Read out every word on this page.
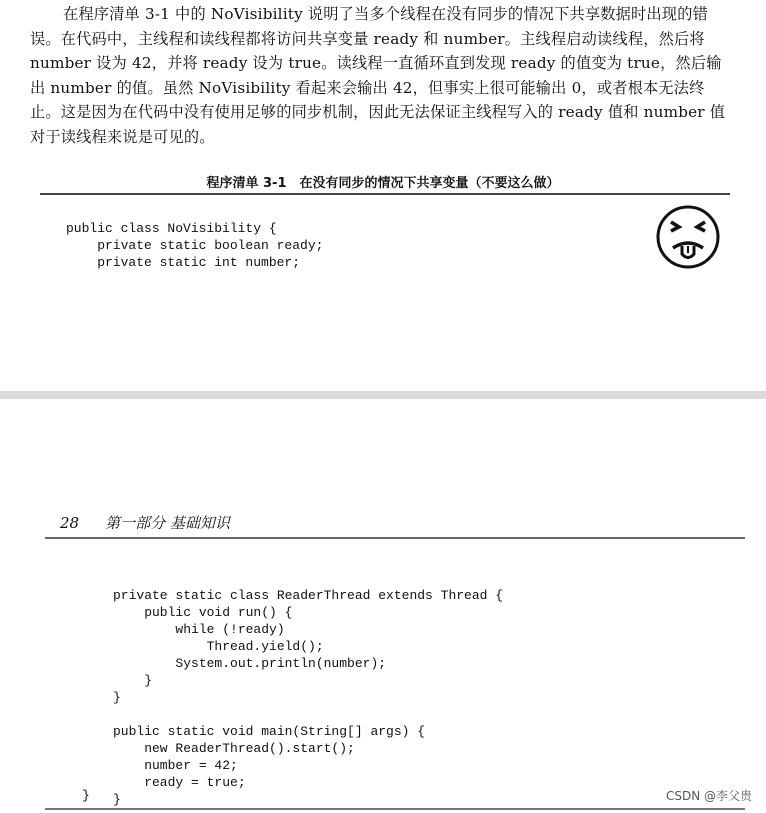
在程序清单 3-1 中的 NoVisibility 说明了当多个线程在没有同步的情况下共享数据时出现的错误。在代码中，主线程和读线程都将访问共享变量 ready 和 number。主线程启动读线程，然后将 number 设为 42，并将 ready 设为 true。读线程一直循环直到发现 ready 的值变为 true，然后输出 number 的值。虽然 NoVisibility 看起来会输出 42，但事实上很可能输出 0，或者根本无法终止。这是因为在代码中没有使用足够的同步机制，因此无法保证主线程写入的 ready 值和 number 值对于读线程来说是可见的。

程序清单 3-1　在没有同步的情况下共享变量（不要这么做）

public class NoVisibility {
private static boolean ready;
private static int number;
28 第一部分 基础知识

private static class ReaderThread extends Thread {
public void run() {
while (!ready)
Thread.yield();
System.out.println(number);
}
}

public static void main(String[] args) {
new ReaderThread().start();
number = 42;
ready = true;
}
}	CSDN @李父贵
